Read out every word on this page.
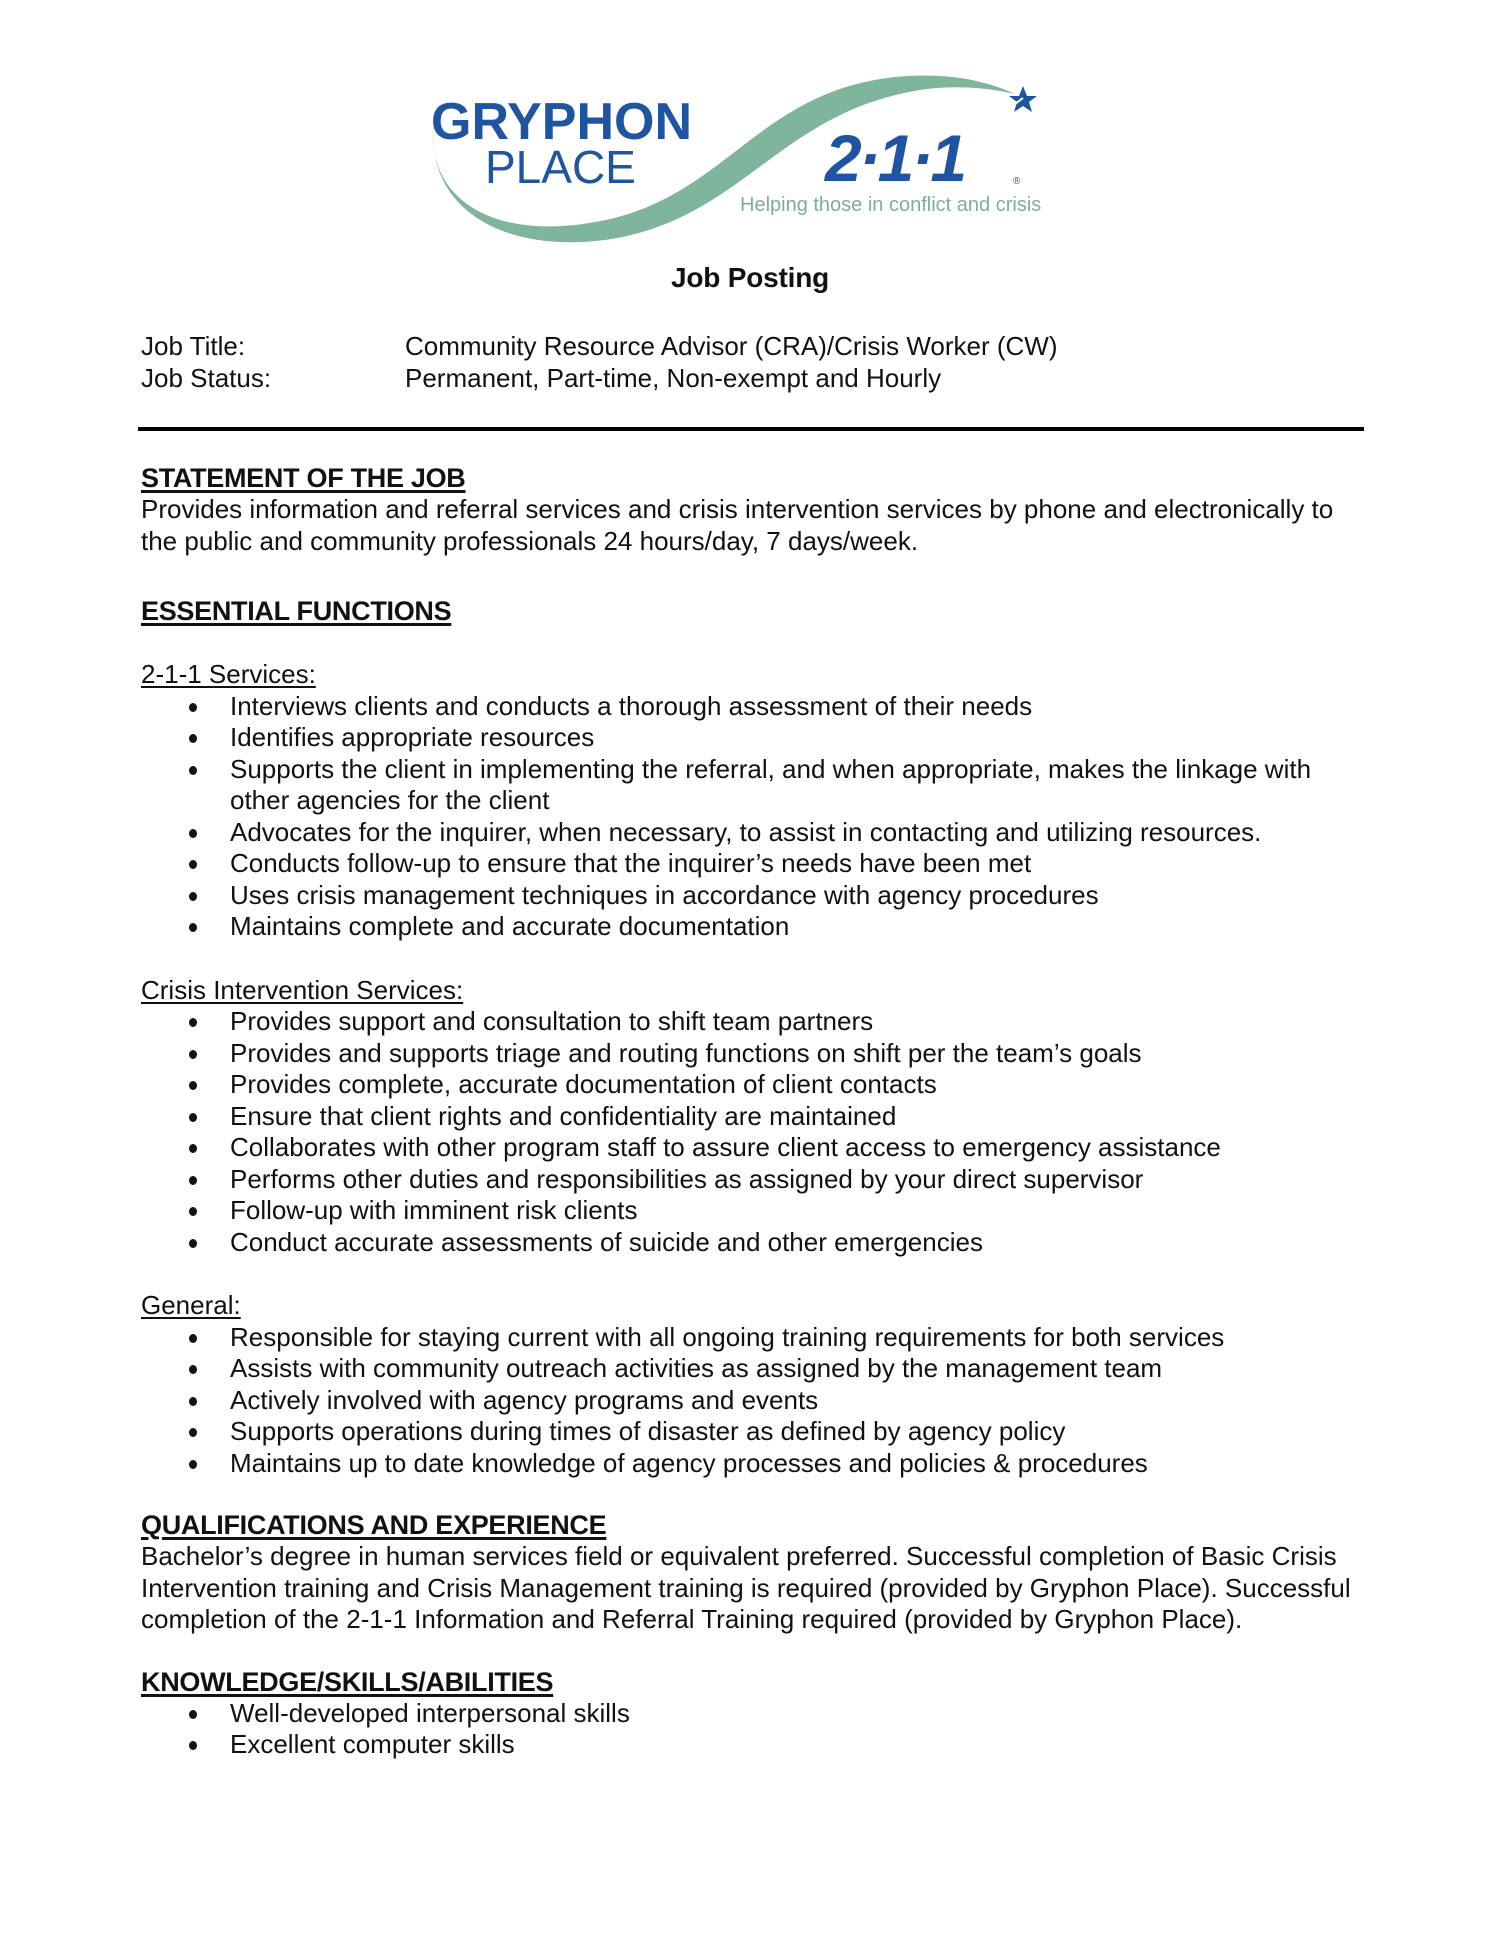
GRYPHON
PLACE	2·1·1	®
Helping those in conflict and crisis
Job Posting
Job Title:	Community Resource Advisor (CRA)/Crisis Worker (CW)
Job Status:	Permanent, Part-time, Non-exempt and Hourly
STATEMENT OF THE JOB

Provides information and referral services and crisis intervention services by phone and electronically to the public and community professionals 24 hours/day, 7 days/week.

ESSENTIAL FUNCTIONS
2-1-1 Services:
Interviews clients and conducts a thorough assessment of their needs
Identifies appropriate resources
Supports the client in implementing the referral, and when appropriate, makes the linkage with other agencies for the client
Advocates for the inquirer, when necessary, to assist in contacting and utilizing resources.
Conducts follow-up to ensure that the inquirer’s needs have been met
Uses crisis management techniques in accordance with agency procedures
Maintains complete and accurate documentation
Crisis Intervention Services:
Provides support and consultation to shift team partners
Provides and supports triage and routing functions on shift per the team’s goals
Provides complete, accurate documentation of client contacts
Ensure that client rights and confidentiality are maintained
Collaborates with other program staff to assure client access to emergency assistance
Performs other duties and responsibilities as assigned by your direct supervisor
Follow-up with imminent risk clients
Conduct accurate assessments of suicide and other emergencies
General:
Responsible for staying current with all ongoing training requirements for both services
Assists with community outreach activities as assigned by the management team
Actively involved with agency programs and events
Supports operations during times of disaster as defined by agency policy
Maintains up to date knowledge of agency processes and policies & procedures
QUALIFICATIONS AND EXPERIENCE

Bachelor’s degree in human services field or equivalent preferred. Successful completion of Basic Crisis Intervention training and Crisis Management training is required (provided by Gryphon Place). Successful completion of the 2-1-1 Information and Referral Training required (provided by Gryphon Place).

KNOWLEDGE/SKILLS/ABILITIES
Well-developed interpersonal skills
Excellent computer skills
